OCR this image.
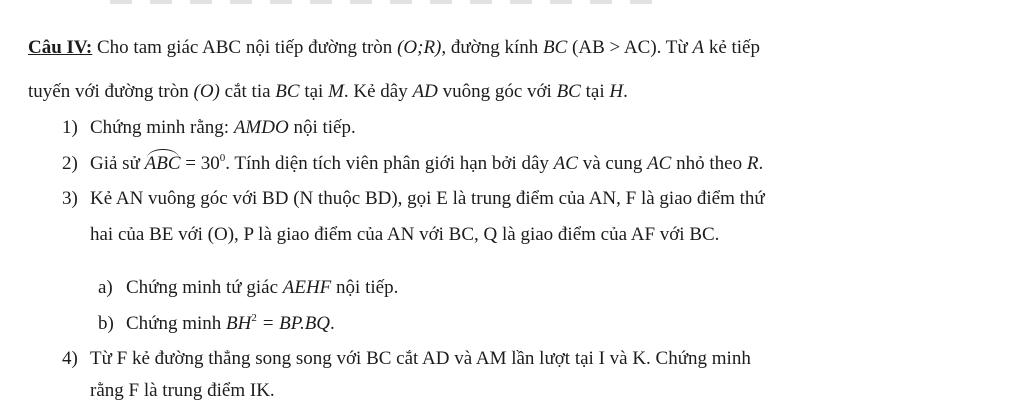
Câu IV: Cho tam giác ABC nội tiếp đường tròn (O;R), đường kính BC (AB > AC). Từ A kẻ tiếp
tuyến với đường tròn (O) cắt tia BC tại M. Kẻ dây AD vuông góc với BC tại H.
1) Chứng minh rằng: AMDO nội tiếp.
2) Giả sử ABC = $30^0$. Tính diện tích viên phân giới hạn bởi dây AC và cung AC nhỏ theo R.
3) Kẻ AN vuông góc với BD (N thuộc BD), gọi E là trung điểm của AN, F là giao điểm thứ
hai của BE với (O), P là giao điểm của AN với BC, Q là giao điểm của AF với BC.
a) Chứng minh tứ giác AEHF nội tiếp.
b) Chứng minh $BH^2 = BP.BQ$.
4) Từ F kẻ đường thẳng song song với BC cắt AD và AM lần lượt tại I và K. Chứng minh
rằng F là trung điểm IK.
